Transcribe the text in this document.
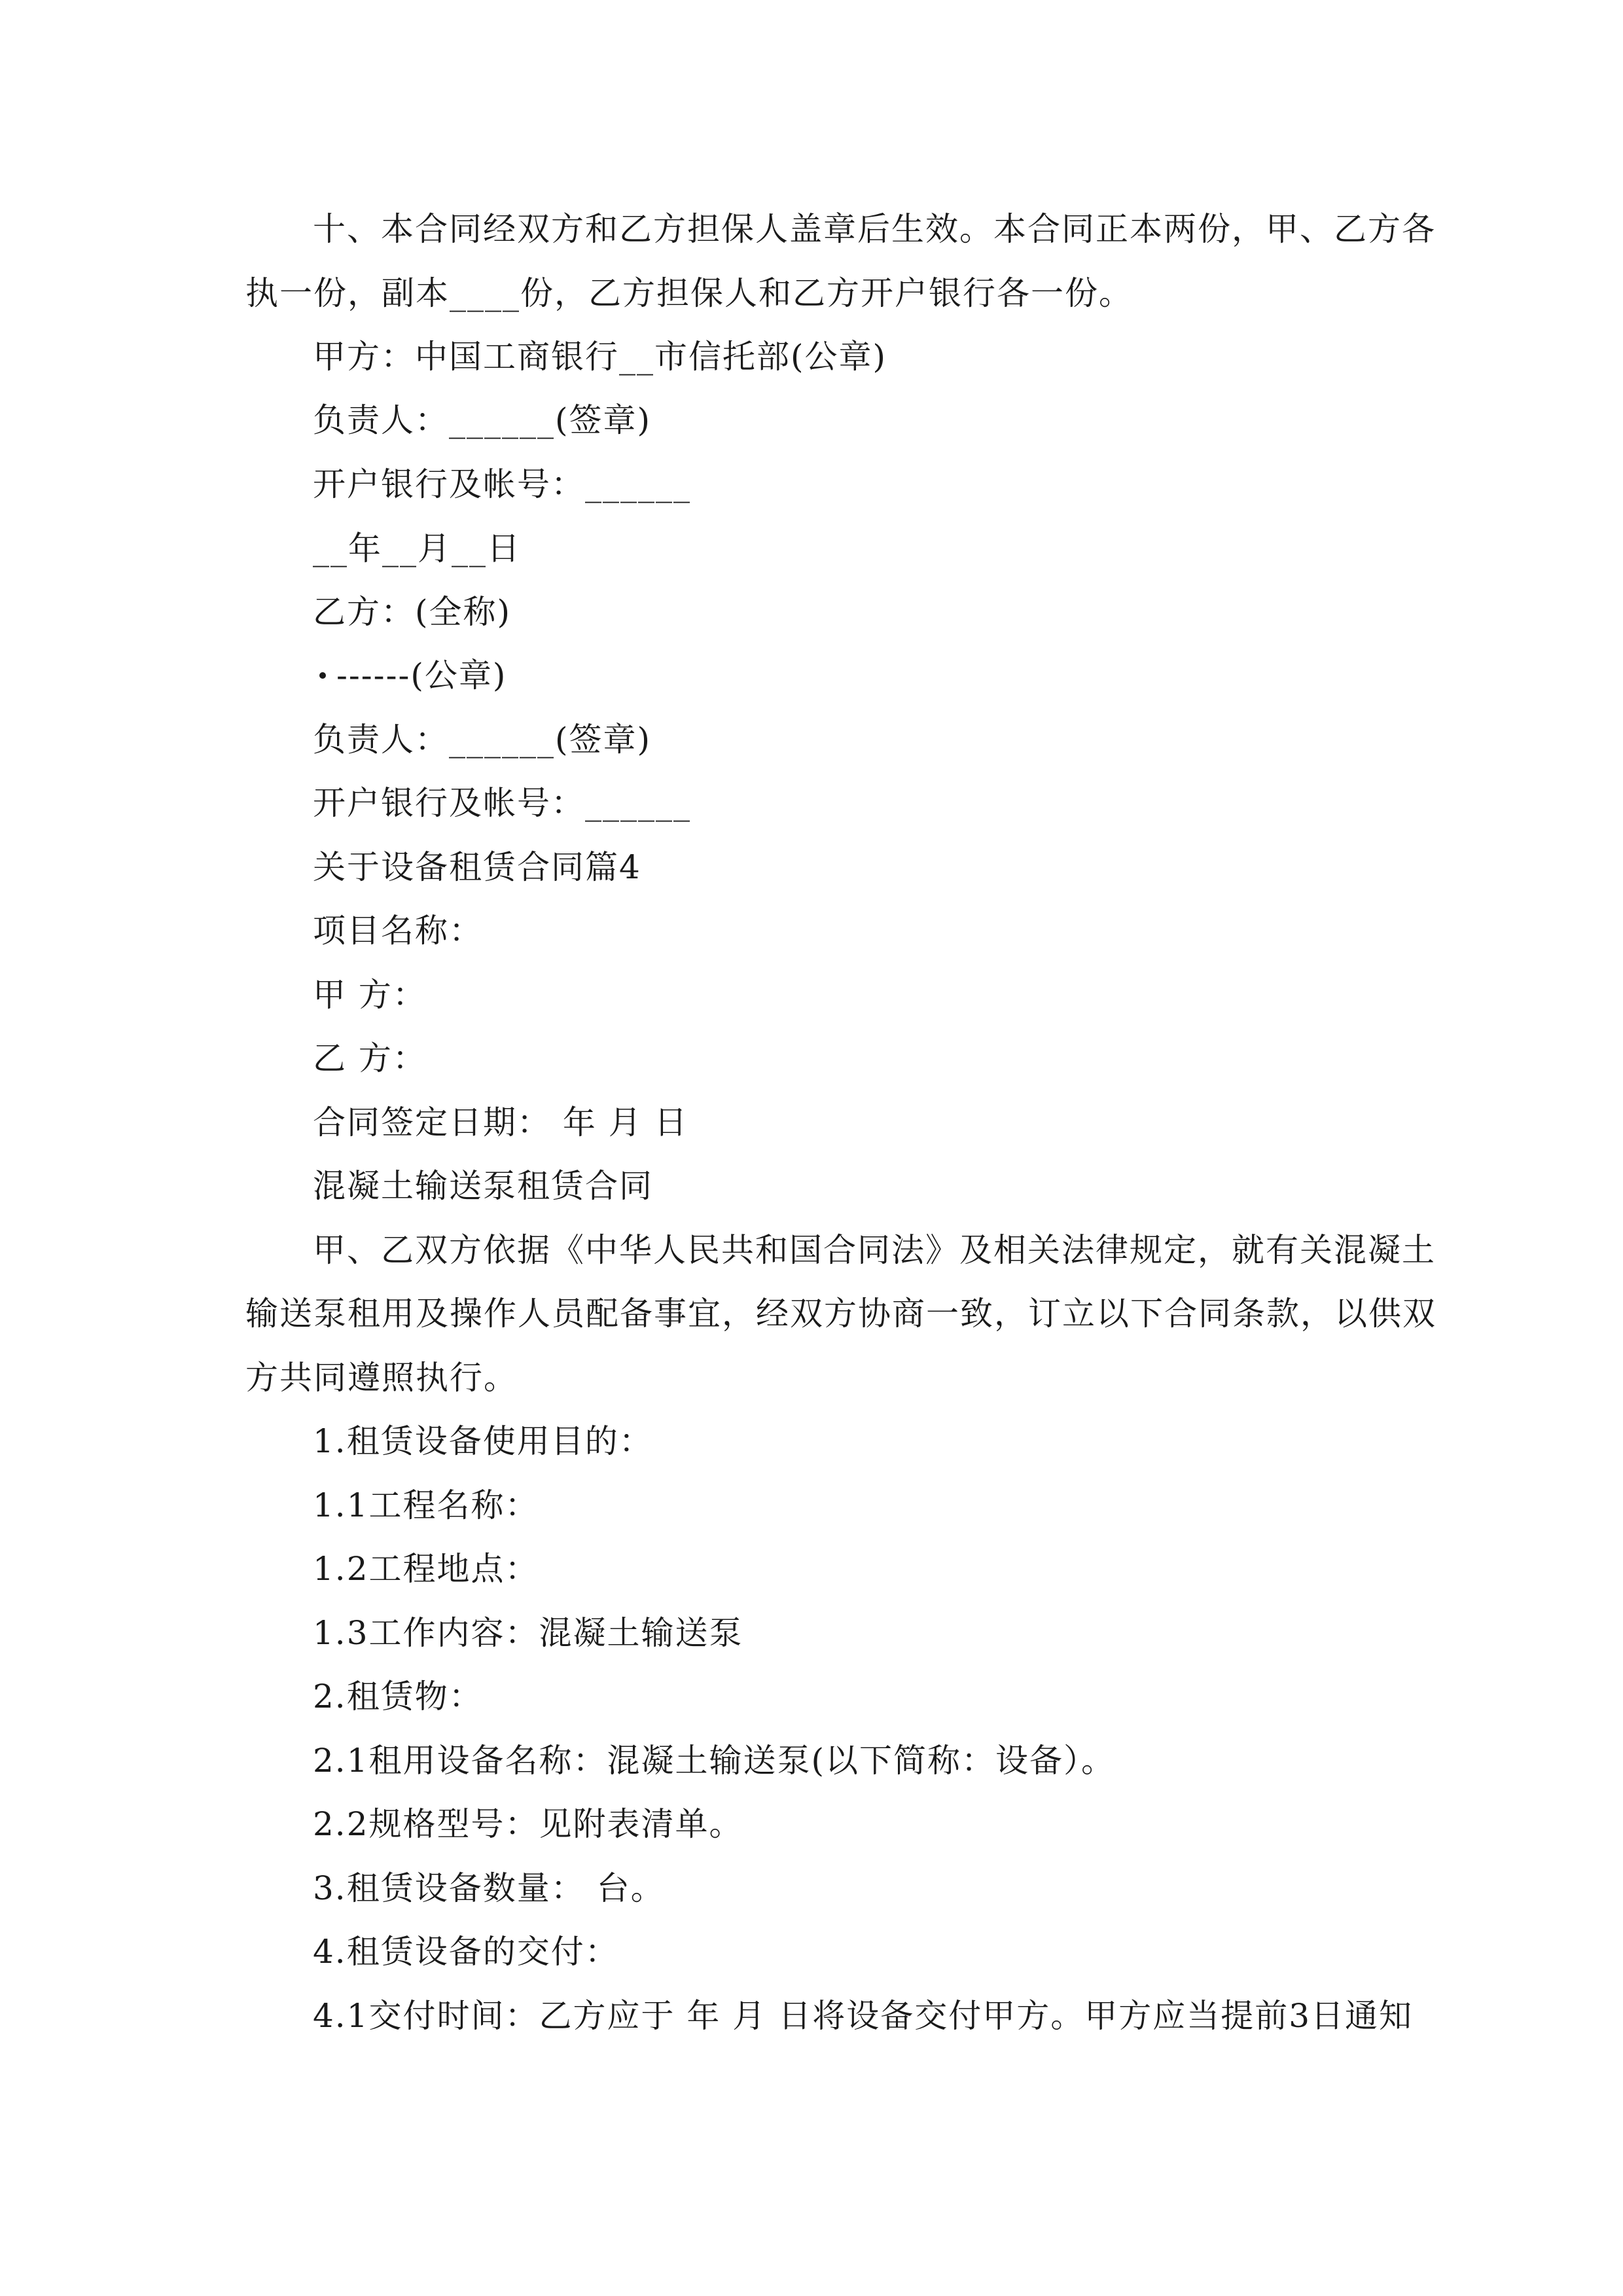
十、本合同经双方和乙方担保人盖章后生效。本合同正本两份，甲、乙方各
执一份，副本____份，乙方担保人和乙方开户银行各一份。
甲方：中国工商银行__市信托部(公章)
负责人：______(签章)
开户银行及帐号：______
__年__月__日
乙方：(全称)
------(公章)
负责人：______(签章)
开户银行及帐号：______
关于设备租赁合同篇4
项目名称：
甲 方：
乙 方：
合同签定日期： 年 月 日
混凝土输送泵租赁合同
甲、乙双方依据《中华人民共和国合同法》及相关法律规定，就有关混凝土
输送泵租用及操作人员配备事宜，经双方协商一致，订立以下合同条款，以供双
方共同遵照执行。
1.租赁设备使用目的：
1.1工程名称：
1.2工程地点：
1.3工作内容：混凝土输送泵
2.租赁物：
2.1租用设备名称：混凝土输送泵(以下简称：设备）。
2.2规格型号：见附表清单。
3.租赁设备数量： 台。
4.租赁设备的交付：
4.1交付时间：乙方应于 年 月 日将设备交付甲方。甲方应当提前3日通知
